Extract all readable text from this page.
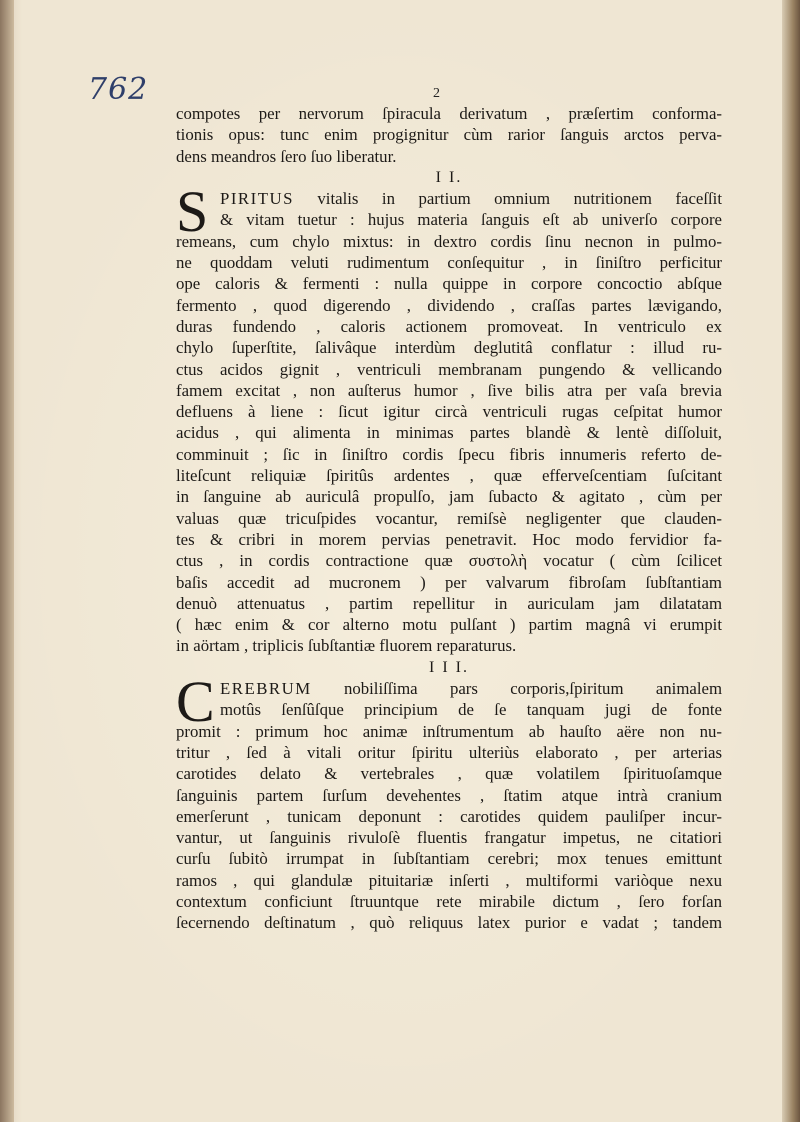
762	2
compotes per nervorum ſpiracula derivatum , præſertim conforma-
tionis opus: tunc enim progignitur cùm rarior ſanguis arctos perva-
dens meandros ſero ſuo liberatur.
I I.
S PIRITUS vitalis in partium omnium nutritionem faceſſit
& vitam tuetur : hujus materia ſanguis eſt ab univerſo corpore
remeans, cum chylo mixtus: in dextro cordis ſinu necnon in pulmo-
ne quoddam veluti rudimentum conſequitur , in ſiniſtro perficitur
ope caloris & fermenti : nulla quippe in corpore concoctio abſque
fermento , quod digerendo , dividendo , craſſas partes lævigando,
duras fundendo , caloris actionem promoveat. In ventriculo ex
chylo ſuperſtite, ſalivâque interdùm deglutitâ conflatur : illud ru-
ctus acidos gignit , ventriculi membranam pungendo & vellicando
famem excitat , non auſterus humor , ſive bilis atra per vaſa brevia
defluens à liene : ſicut igitur circà ventriculi rugas ceſpitat humor
acidus , qui alimenta in minimas partes blandè & lentè diſſoluit,
comminuit ; ſic in ſiniſtro cordis ſpecu fibris innumeris referto de-
liteſcunt reliquiæ ſpiritûs ardentes , quæ effervеſcentiam ſuſcitant
in ſanguine ab auriculâ propulſo, jam ſubacto & agitato , cùm per
valuas quæ tricuſpides vocantur, remiſsè negligenter que clauden-
tes & cribri in morem pervias penetravit. Hoc modo fervidior fa-
ctus , in cordis contractione quæ συστολὴ vocatur ( cùm ſcilicet
baſis accedit ad mucronem ) per valvarum fibroſam ſubſtantiam
denuò attenuatus , partim repellitur in auriculam jam dilatatam
( hæc enim & cor alterno motu pulſant ) partim magnâ vi erumpit
in aörtam , triplicis ſubſtantiæ fluorem reparaturus.
I I I.
C EREBRUM nobiliſſima pars corporis,ſpiritum animalem
motûs ſenſûſque principium de ſe tanquam jugi de fonte
promit : primum hoc animæ inſtrumentum ab hauſto aëre non nu-
tritur , ſed à vitali oritur ſpiritu ulteriùs elaborato , per arterias
carotides delato & vertebrales , quæ volatilem ſpirituoſamque
ſanguinis partem ſurſum devehentes , ſtatim atque intrà cranium
emerſerunt , tunicam deponunt : carotides quidem pauliſper incur-
vantur, ut ſanguinis rivuloſè fluentis frangatur impetus, ne citatiori
curſu ſubitò irrumpat in ſubſtantiam cerebri; mox tenues emittunt
ramos , qui glandulæ pituitariæ inſerti , multiformi variòque nexu
contextum conficiunt ſtruuntque rete mirabile dictum , ſero forſan
ſecernendo deſtinatum , quò reliquus latex purior e vadat ; tandem
